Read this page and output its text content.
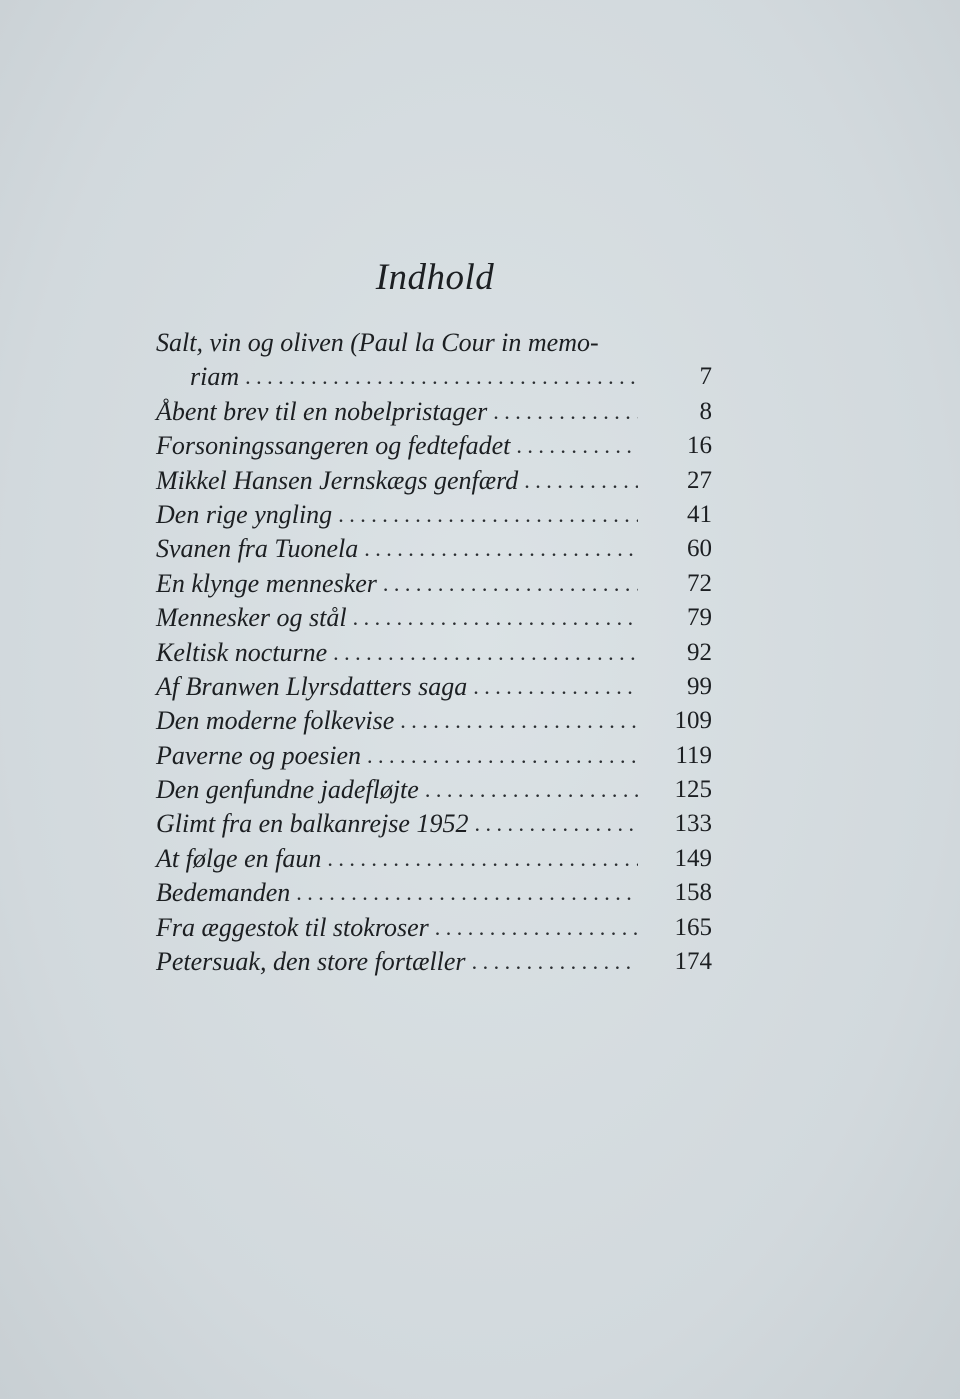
Indhold
Salt, vin og oliven (Paul la Cour in memo-
riam . . .	7
Åbent brev til en nobelpristager . . .	8
Forsoningssangeren og fedtefadet . . .	16
Mikkel Hansen Jernskægs genfærd . . .	27
Den rige yngling . . .	41
Svanen fra Tuonela . . .	60
En klynge mennesker . . .	72
Mennesker og stål . . .	79
Keltisk nocturne . . .	92
Af Branwen Llyrsdatters saga . . .	99
Den moderne folkevise . . .	109
Paverne og poesien . . .	119
Den genfundne jadefløjte . . .	125
Glimt fra en balkanrejse 1952 . . .	133
At følge en faun . . .	149
Bedemanden . . .	158
Fra æggestok til stokroser . . .	165
Petersuak, den store fortæller . . .	174
